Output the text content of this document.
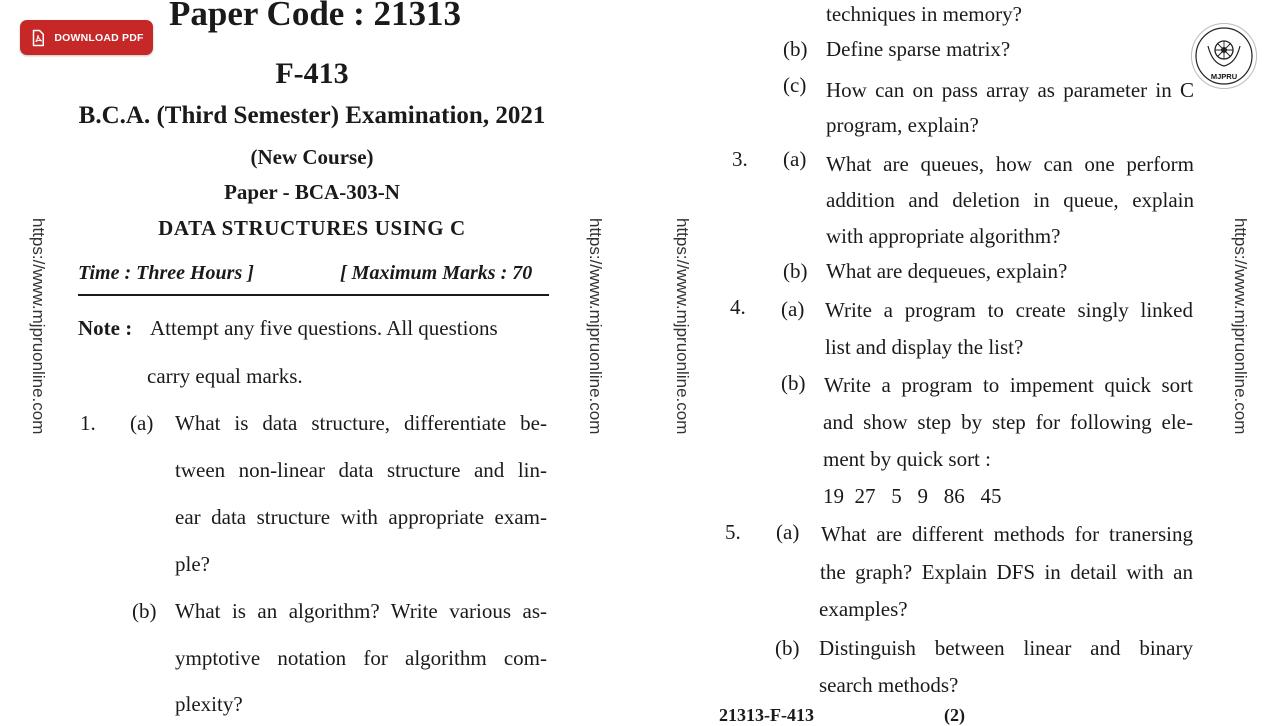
DOWNLOAD PDF
Paper Code : 21313
F-413
B.C.A. (Third Semester) Examination, 2021
(New Course)
Paper - BCA-303-N
DATA STRUCTURES USING C
Time : Three Hours ]	[ Maximum Marks : 70
Note : Attempt any five questions. All questions
carry equal marks.
1. (a) What is data structure, differentiate be-
tween non-linear data structure and lin-
ear data structure with appropriate exam-
ple?
(b) What is an algorithm? Write various as-
ymptotive notation for algorithm com-
plexity?
https://www.mjpruonline.com	https://www.mjpruonline.com	https://www.mjpruonline.com	https://www.mjpruonline.com
techniques in memory?
(b) Define sparse matrix?
(c) How can on pass array as parameter in C
program, explain?
3. (a) What are queues, how can one perform
addition and deletion in queue, explain
with appropriate algorithm?
(b) What are dequeues, explain?
4. (a) Write a program to create singly linked
list and display the list?
(b) Write a program to impement quick sort
and show step by step for following ele-
ment by quick sort :
19  27   5   9   86   45
5. (a) What are different methods for tranersing
the graph? Explain DFS in detail with an
examples?
(b) Distinguish between linear and binary
search methods?
21313-F-413	(2)
MJPRU
